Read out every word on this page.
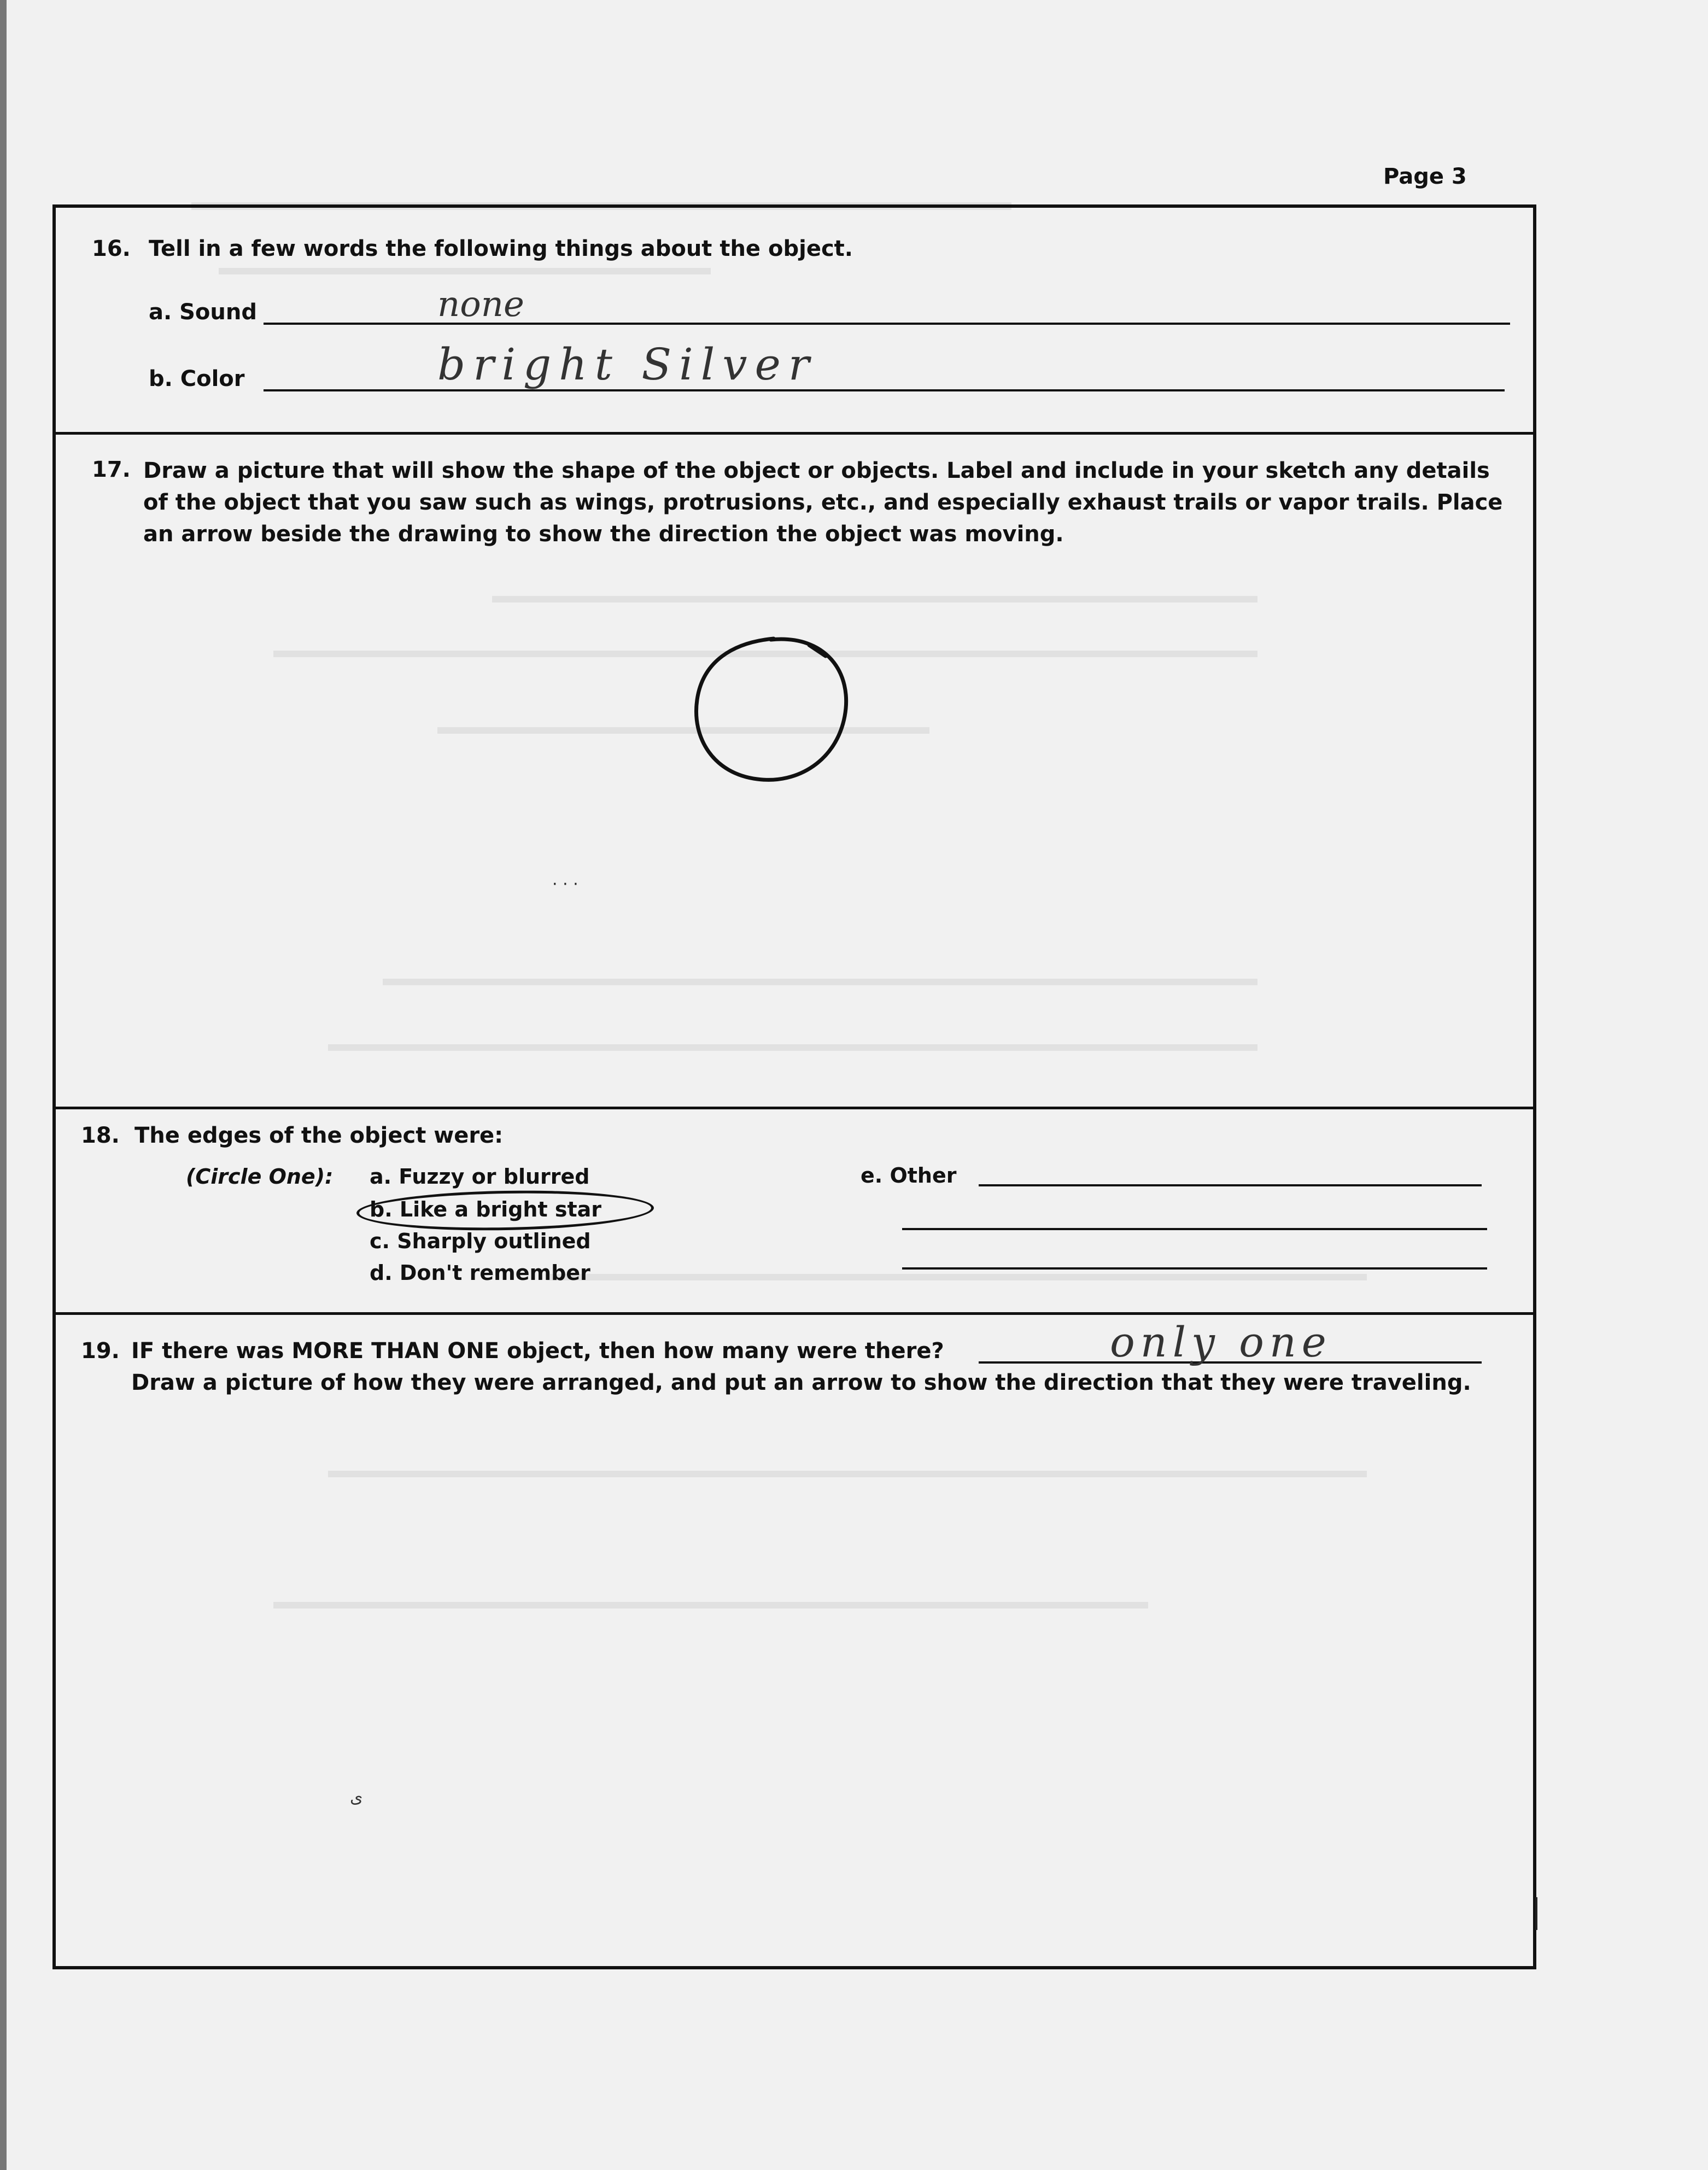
Page 3
16. Tell in a few words the following things about the object.
a. Sound	none
b. Color	bright Silver
17. Draw a picture that will show the shape of the object or objects. Label and include in your sketch any details of the object that you saw such as wings, protrusions, etc., and especially exhaust trails or vapor trails. Place an arrow beside the drawing to show the direction the object was moving.
· · ·
18. The edges of the object were:
(Circle One): a. Fuzzy or blurred
b. Like a bright star
c. Sharply outlined
d. Don't remember
e. Other
19. IF there was MORE THAN ONE object, then how many were there?	only one
Draw a picture of how they were arranged, and put an arrow to show the direction that they were traveling.
ﻯ
